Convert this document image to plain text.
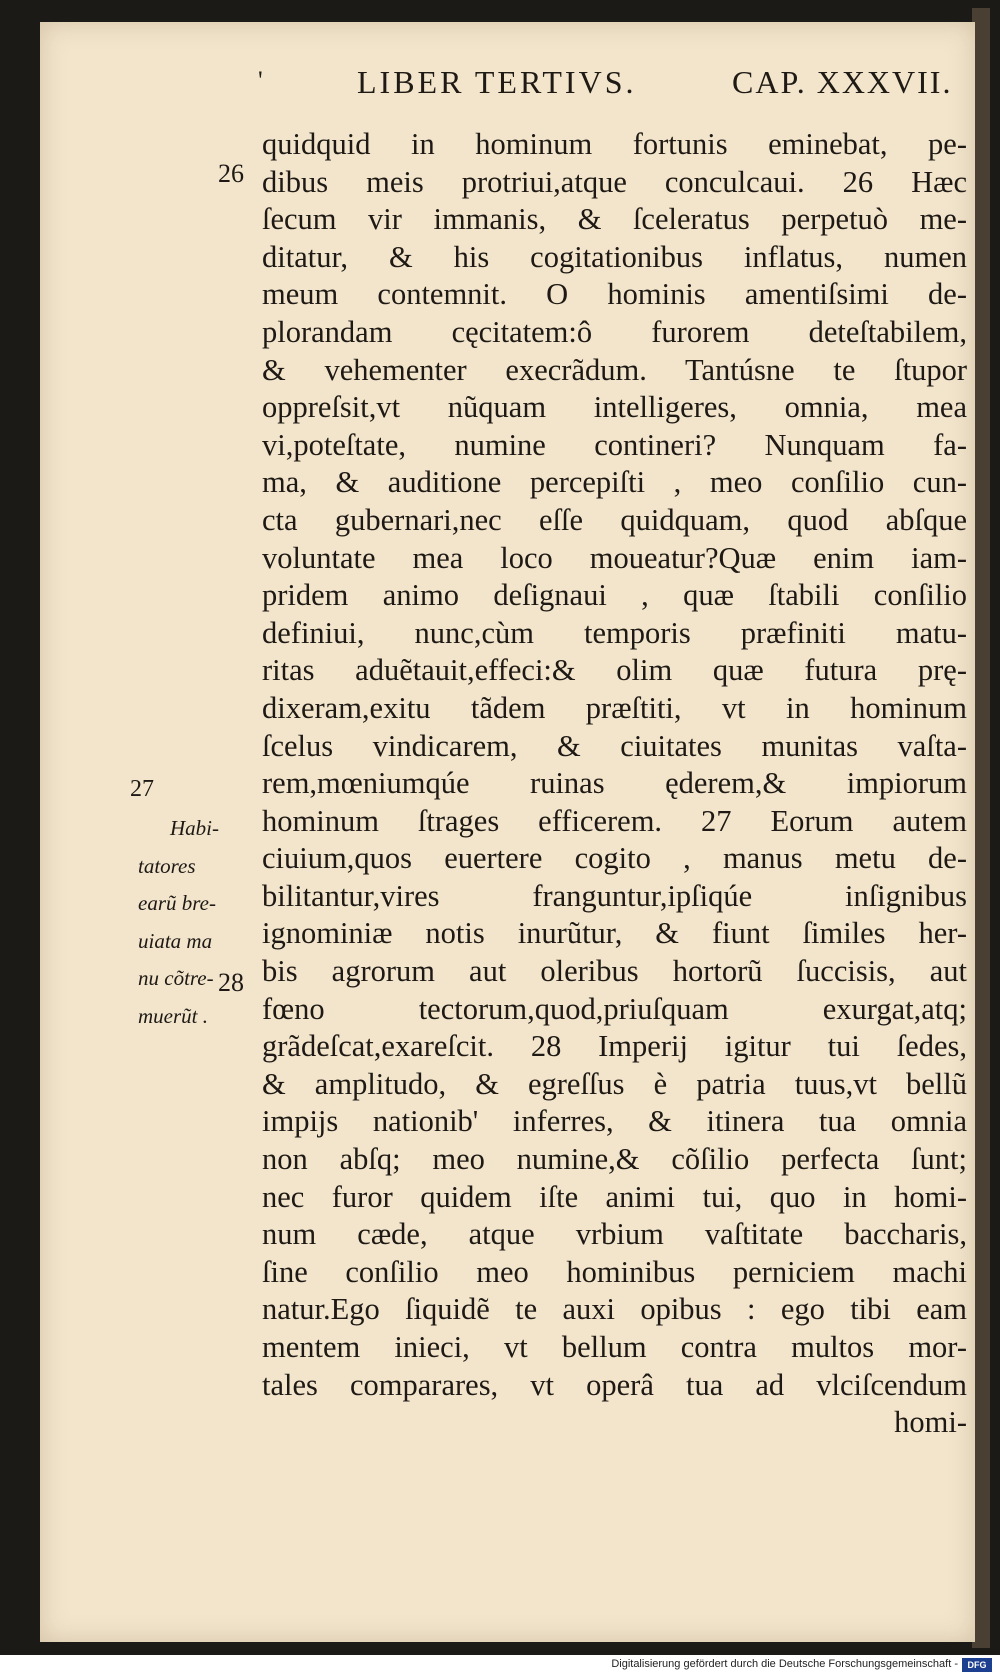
'	LIBER TERTIVS.	CAP. XXXVII.
26
28
27
Habi-
tatores
earũ bre-
uiata ma
nu cõtre-
muerũt .
quidquid in hominum fortunis eminebat, pe-
dibus meis protriui,atque conculcaui. 26 Hæc
ſecum vir immanis, & ſceleratus perpetuò me-
ditatur, & his cogitationibus inflatus, numen
meum contemnit. O hominis amentiſsimi de-
plorandam cęcitatem:ô furorem deteſtabilem,
& vehementer execrãdum. Tantúsne te ſtupor
oppreſsit,vt nũquam intelligeres, omnia, mea
vi,poteſtate, numine contineri? Nunquam fa-
ma, & auditione percepiſti , meo conſilio cun-
cta gubernari,nec eſſe quidquam, quod abſque
voluntate mea loco moueatur?Quæ enim iam-
pridem animo deſignaui , quæ ſtabili conſilio
definiui, nunc,cùm temporis præfiniti matu-
ritas aduẽtauit,effeci:& olim quæ futura prę-
dixeram,exitu tãdem præſtiti, vt in hominum
ſcelus vindicarem, & ciuitates munitas vaſta-
rem,mœniumqúe ruinas ęderem,& impiorum
hominum ſtrages efficerem. 27 Eorum autem
ciuium,quos euertere cogito , manus metu de-
bilitantur,vires franguntur,ipſiqúe inſignibus
ignominiæ notis inurũtur, & fiunt ſimiles her-
bis agrorum aut oleribus hortorũ ſuccisis, aut
fœno tectorum,quod,priuſquam exurgat,atq;
grãdeſcat,exareſcit. 28 Imperij igitur tui ſedes,
& amplitudo, & egreſſus è patria tuus,vt bellũ
impijs nationib' inferres, & itinera tua omnia
non abſq; meo numine,& cõſilio perfecta ſunt;
nec furor quidem iſte animi tui, quo in homi-
num cæde, atque vrbium vaſtitate baccharis,
ſine conſilio meo hominibus perniciem machi
natur.Ego ſiquidẽ te auxi opibus : ego tibi eam
mentem inieci, vt bellum contra multos mor-
tales comparares, vt operâ tua ad vlciſcendum
homi-
Digitalisierung gefördert durch die Deutsche Forschungsgemeinschaft -	DFG
